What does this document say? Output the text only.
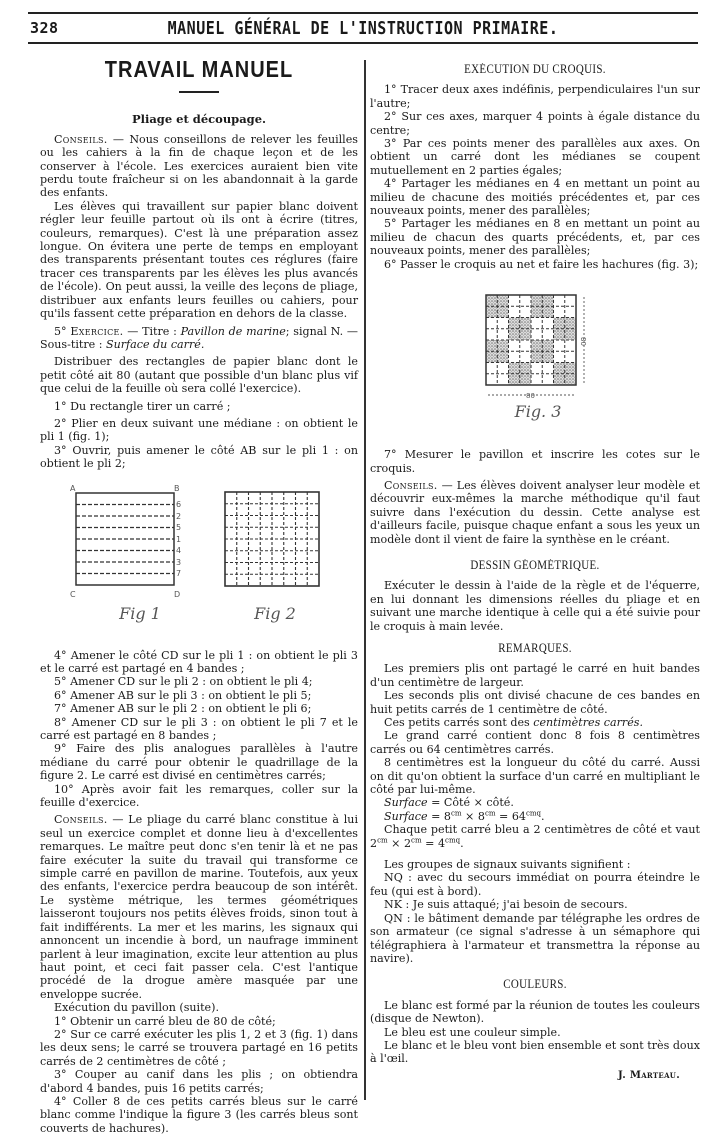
328	MANUEL GÉNÉRAL DE L'INSTRUCTION PRIMAIRE.

TRAVAIL MANUEL

Pliage et découpage.

Conseils. — Nous conseillons de relever les feuilles ou les cahiers à la fin de chaque leçon et de les conserver à l'école. Les exercices auraient bien vite perdu toute fraîcheur si on les abandonnait à la garde des enfants.

Les élèves qui travaillent sur papier blanc doivent régler leur feuille partout où ils ont à écrire (titres, couleurs, remarques). C'est là une préparation assez longue. On évitera une perte de temps en employant des transparents présentant toutes ces réglures (faire tracer ces transparents par les élèves les plus avancés de l'école). On peut aussi, la veille des leçons de pliage, distribuer aux enfants leurs feuilles ou cahiers, pour qu'ils fassent cette préparation en dehors de la classe.

5° Exercice. — Titre : Pavillon de marine; signal N. — Sous-titre : Surface du carré.

Distribuer des rectangles de papier blanc dont le petit côté ait 80 (autant que possible d'un blanc plus vif que celui de la feuille où sera collé l'exercice).

1° Du rectangle tirer un carré ;

2° Plier en deux suivant une médiane : on obtient le pli 1 (fig. 1);

3° Ouvrir, puis amener le côté AB sur le pli 1 : on obtient le pli 2;

A	B
C	D
6
2
5
1
4
3
7
Fig 1	Fig 2

4° Amener le côté CD sur le pli 1 : on obtient le pli 3 et le carré est partagé en 4 bandes ;

5° Amener CD sur le pli 2 : on obtient le pli 4;

6° Amener AB sur le pli 3 : on obtient le pli 5;

7° Amener AB sur le pli 2 : on obtient le pli 6;

8° Amener CD sur le pli 3 : on obtient le pli 7 et le carré est partagé en 8 bandes ;

9° Faire des plis analogues parallèles à l'autre médiane du carré pour obtenir le quadrillage de la figure 2. Le carré est divisé en centimètres carrés;

10° Après avoir fait les remarques, coller sur la feuille d'exercice.

Conseils. — Le pliage du carré blanc constitue à lui seul un exercice complet et donne lieu à d'excellentes remarques. Le maître peut donc s'en tenir là et ne pas faire exécuter la suite du travail qui transforme ce simple carré en pavillon de marine. Toutefois, aux yeux des enfants, l'exercice perdra beaucoup de son intérêt. Le système métrique, les termes géométriques laisseront toujours nos petits élèves froids, sinon tout à fait indifférents. La mer et les marins, les signaux qui annoncent un incendie à bord, un naufrage imminent parlent à leur imagination, excite leur attention au plus haut point, et ceci fait passer cela. C'est l'antique procédé de la drogue amère masquée par une enveloppe sucrée.

Exécution du pavillon (suite).

1° Obtenir un carré bleu de 80 de côté;

2° Sur ce carré exécuter les plis 1, 2 et 3 (fig. 1) dans les deux sens; le carré se trouvera partagé en 16 petits carrés de 2 centimètres de côté ;

3° Couper au canif dans les plis ; on obtiendra d'abord 4 bandes, puis 16 petits carrés;

4° Coller 8 de ces petits carrés bleus sur le carré blanc comme l'indique la figure 3 (les carrés bleus sont couverts de hachures).

EXÉCUTION DU CROQUIS.

1° Tracer deux axes indéfinis, perpendiculaires l'un sur l'autre;

2° Sur ces axes, marquer 4 points à égale distance du centre;

3° Par ces points mener des parallèles aux axes. On obtient un carré dont les médianes se coupent mutuellement en 2 parties égales;

4° Partager les médianes en 4 en mettant un point au milieu de chacune des moitiés précédentes et, par ces nouveaux points, mener des parallèles;

5° Partager les médianes en 8 en mettant un point au milieu de chacun des quarts précédents, et, par ces nouveaux points, mener des parallèles;

6° Passer le croquis au net et faire les hachures (fig. 3);

80
80
Fig. 3

7° Mesurer le pavillon et inscrire les cotes sur le croquis.

Conseils. — Les élèves doivent analyser leur modèle et découvrir eux-mêmes la marche méthodique qu'il faut suivre dans l'exécution du dessin. Cette analyse est d'ailleurs facile, puisque chaque enfant a sous les yeux un modèle dont il vient de faire la synthèse en le créant.

DESSIN GÉOMÉTRIQUE.

Exécuter le dessin à l'aide de la règle et de l'équerre, en lui donnant les dimensions réelles du pliage et en suivant une marche identique à celle qui a été suivie pour le croquis à main levée.

REMARQUES.

Les premiers plis ont partagé le carré en huit bandes d'un centimètre de largeur.

Les seconds plis ont divisé chacune de ces bandes en huit petits carrés de 1 centimètre de côté.

Ces petits carrés sont des centimètres carrés.

Le grand carré contient donc 8 fois 8 centimètres carrés ou 64 centimètres carrés.

8 centimètres est la longueur du côté du carré. Aussi on dit qu'on obtient la surface d'un carré en multipliant le côté par lui-même.

Surface = Côté × côté.

Surface = $8^{cm} \times 8^{cm} = 64^{cmq}$.

Chaque petit carré bleu a 2 centimètres de côté et vaut $2^{cm} \times 2^{cm} = 4^{cmq}$.

Les groupes de signaux suivants signifient :

NQ : avec du secours immédiat on pourra éteindre le feu (qui est à bord).

NK : Je suis attaqué; j'ai besoin de secours.

QN : le bâtiment demande par télégraphe les ordres de son armateur (ce signal s'adresse à un sémaphore qui télégraphiera à l'armateur et transmettra la réponse au navire).

COULEURS.

Le blanc est formé par la réunion de toutes les couleurs (disque de Newton).

Le bleu est une couleur simple.

Le blanc et le bleu vont bien ensemble et sont très doux à l'œil.

J. Marteau.
